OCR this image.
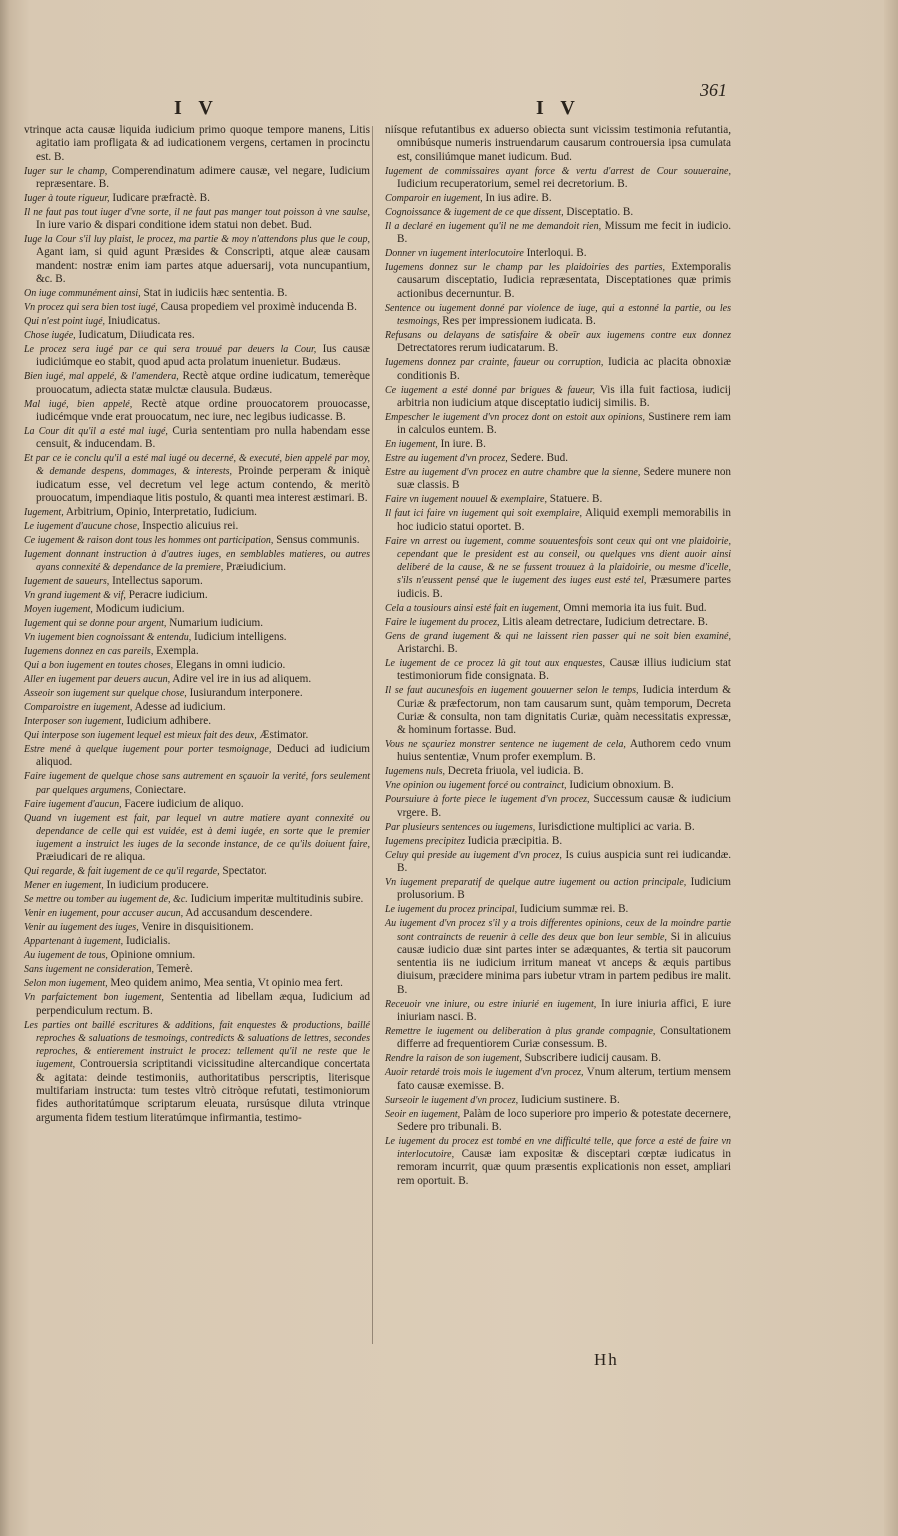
I V	I V
361
vtrinque acta causæ liquida iudicium primo quoque tempore manens, Litis agitatio iam profligata & ad iudicationem vergens, certamen in procinctu est. B.
Iuger sur le champ, Comperendinatum adimere causæ, vel negare, Iudicium repræsentare. B.
Iuger à toute rigueur, Iudicare præfractè. B.
Il ne faut pas tout iuger d'vne sorte, il ne faut pas manger tout poisson à vne saulse, In iure vario & dispari conditione idem statui non debet. Bud.
Iuge la Cour s'il luy plaist, le procez, ma partie & moy n'attendons plus que le coup, Agant iam, si quid agunt Præsides & Conscripti, atque aleæ causam mandent: nostræ enim iam partes atque aduersarij, vota nuncupantium, &c. B.
On iuge communément ainsi, Stat in iudiciis hæc sententia. B.
Vn procez qui sera bien tost iugé, Causa propediem vel proximè inducenda B.
Qui n'est point iugé, Iniudicatus.
Chose iugée, Iudicatum, Diiudicata res.
Le procez sera iugé par ce qui sera trouué par deuers la Cour, Ius causæ iudiciúmque eo stabit, quod apud acta prolatum inuenietur. Budæus.
Bien iugé, mal appelé, & l'amendera, Rectè atque ordine iudicatum, temerèque prouocatum, adiecta statæ mulctæ clausula. Budæus.
Mal iugé, bien appelé, Rectè atque ordine prouocatorem prouocasse, iudicémque vnde erat prouocatum, nec iure, nec legibus iudicasse. B.
La Cour dit qu'il a esté mal iugé, Curia sententiam pro nulla habendam esse censuit, & inducendam. B.
Et par ce ie conclu qu'il a esté mal iugé ou decerné, & executé, bien appelé par moy, & demande despens, dommages, & interests, Proinde perperam & iniquè iudicatum esse, vel decretum vel lege actum contendo, & meritò prouocatum, impendiaque litis postulo, & quanti mea interest æstimari. B.
Iugement, Arbitrium, Opinio, Interpretatio, Iudicium.
Le iugement d'aucune chose, Inspectio alicuius rei.
Ce iugement & raison dont tous les hommes ont participation, Sensus communis.
Iugement donnant instruction à d'autres iuges, en semblables matieres, ou autres ayans connexité & dependance de la premiere, Præiudicium.
Iugement de saueurs, Intellectus saporum.
Vn grand iugement & vif, Peracre iudicium.
Moyen iugement, Modicum iudicium.
Iugement qui se donne pour argent, Numarium iudicium.
Vn iugement bien cognoissant & entendu, Iudicium intelligens.
Iugemens donnez en cas pareils, Exempla.
Qui a bon iugement en toutes choses, Elegans in omni iudicio.
Aller en iugement par deuers aucun, Adire vel ire in ius ad aliquem.
Asseoir son iugement sur quelque chose, Iusiurandum interponere.
Comparoistre en iugement, Adesse ad iudicium.
Interposer son iugement, Iudicium adhibere.
Qui interpose son iugement lequel est mieux fait des deux, Æstimator.
Estre mené à quelque iugement pour porter tesmoignage, Deduci ad iudicium aliquod.
Faire iugement de quelque chose sans autrement en sçauoir la verité, fors seulement par quelques argumens, Coniectare.
Faire iugement d'aucun, Facere iudicium de aliquo.
Quand vn iugement est fait, par lequel vn autre matiere ayant connexité ou dependance de celle qui est vuidée, est à demi iugée, en sorte que le premier iugement a instruict les iuges de la seconde instance, de ce qu'ils doiuent faire, Præiudicari de re aliqua.
Qui regarde, & fait iugement de ce qu'il regarde, Spectator.
Mener en iugement, In iudicium producere.
Se mettre ou tomber au iugement de, &c. Iudicium imperitæ multitudinis subire.
Venir en iugement, pour accuser aucun, Ad accusandum descendere.
Venir au iugement des iuges, Venire in disquisitionem.
Appartenant à iugement, Iudicialis.
Au iugement de tous, Opinione omnium.
Sans iugement ne consideration, Temerè.
Selon mon iugement, Meo quidem animo, Mea sentia, Vt opinio mea fert.
Vn parfaictement bon iugement, Sententia ad libellam æqua, Iudicium ad perpendiculum rectum. B.
Les parties ont baillé escritures & additions, fait enquestes & productions, baillé reproches & saluations de tesmoings, contredicts & saluations de lettres, secondes reproches, & entierement instruict le procez: tellement qu'il ne reste que le iugement, Controuersia scriptitandi vicissitudine altercandique concertata & agitata: deinde testimoniis, authoritatibus perscriptis, literisque multifariam instructa: tum testes vltrò citròque refutati, testimoniorum fides authoritatúmque scriptarum eleuata, rursúsque diluta vtrinque argumenta fidem testium literatúmque infirmantia, testimo-
niísque refutantibus ex aduerso obiecta sunt vicissim testimonia refutantia, omnibúsque numeris instruendarum causarum controuersia ipsa cumulata est, consiliúmque manet iudicum. Bud.
Iugement de commissaires ayant force & vertu d'arrest de Cour souueraine, Iudicium recuperatorium, semel rei decretorium. B.
Comparoir en iugement, In ius adire. B.
Cognoissance & iugement de ce que dissent, Disceptatio. B.
Il a declaré en iugement qu'il ne me demandoit rien, Missum me fecit in iudicio. B.
Donner vn iugement interlocutoire Interloqui. B.
Iugemens donnez sur le champ par les plaidoiries des parties, Extemporalis causarum disceptatio, Iudicia repræsentata, Disceptationes quæ primis actionibus decernuntur. B.
Sentence ou iugement donné par violence de iuge, qui a estonné la partie, ou les tesmoings, Res per impressionem iudicata. B.
Refusans ou delayans de satisfaire & obeïr aux iugemens contre eux donnez Detrectatores rerum iudicatarum. B.
Iugemens donnez par crainte, faueur ou corruption, Iudicia ac placita obnoxiæ conditionis B.
Ce iugement a esté donné par brigues & faueur, Vis illa fuit factiosa, iudicij arbitria non iudicium atque disceptatio iudicij similis. B.
Empescher le iugement d'vn procez dont on estoit aux opinions, Sustinere rem iam in calculos euntem. B.
En iugement, In iure. B.
Estre au iugement d'vn procez, Sedere. Bud.
Estre au iugement d'vn procez en autre chambre que la sienne, Sedere munere non suæ classis. B
Faire vn iugement nouuel & exemplaire, Statuere. B.
Il faut ici faire vn iugement qui soit exemplaire, Aliquid exempli memorabilis in hoc iudicio statui oportet. B.
Faire vn arrest ou iugement, comme souuentesfois sont ceux qui ont vne plaidoirie, cependant que le president est au conseil, ou quelques vns dient auoir ainsi deliberé de la cause, & ne se fussent trouuez à la plaidoirie, ou mesme d'icelle, s'ils n'eussent pensé que le iugement des iuges eust esté tel, Præsumere partes iudicis. B.
Cela a tousiours ainsi esté fait en iugement, Omni memoria ita ius fuit. Bud.
Faire le iugement du procez, Litis aleam detrectare, Iudicium detrectare. B.
Gens de grand iugement & qui ne laissent rien passer qui ne soit bien examiné, Aristarchi. B.
Le iugement de ce procez là git tout aux enquestes, Causæ illius iudicium stat testimoniorum fide consignata. B.
Il se faut aucunesfois en iugement gouuerner selon le temps, Iudicia interdum & Curiæ & præfectorum, non tam causarum sunt, quàm temporum, Decreta Curiæ & consulta, non tam dignitatis Curiæ, quàm necessitatis expressæ, & hominum fortasse. Bud.
Vous ne sçauriez monstrer sentence ne iugement de cela, Authorem cedo vnum huius sententiæ, Vnum profer exemplum. B.
Iugemens nuls, Decreta friuola, vel iudicia. B.
Vne opinion ou iugement forcé ou contrainct, Iudicium obnoxium. B.
Poursuiure à forte piece le iugement d'vn procez, Successum causæ & iudicium vrgere. B.
Par plusieurs sentences ou iugemens, Iurisdictione multiplici ac varia. B.
Iugemens precipitez Iudicia præcipitia. B.
Celuy qui preside au iugement d'vn procez, Is cuius auspicia sunt rei iudicandæ. B.
Vn iugement preparatif de quelque autre iugement ou action principale, Iudicium prolusorium. B
Le iugement du procez principal, Iudicium summæ rei. B.
Au iugement d'vn procez s'il y a trois differentes opinions, ceux de la moindre partie sont contraincts de reuenir à celle des deux que bon leur semble, Si in alicuius causæ iudicio duæ sint partes inter se adæquantes, & tertia sit paucorum sententia iis ne iudicium irritum maneat vt anceps & æquis partibus diuisum, præcidere minima pars iubetur vtram in partem pedibus ire malit. B.
Receuoir vne iniure, ou estre iniurié en iugement, In iure iniuria affici, E iure iniuriam nasci. B.
Remettre le iugement ou deliberation à plus grande compagnie, Consultationem differre ad frequentiorem Curiæ consessum. B.
Rendre la raison de son iugement, Subscribere iudicij causam. B.
Auoir retardé trois mois le iugement d'vn procez, Vnum alterum, tertium mensem fato causæ exemisse. B.
Surseoir le iugement d'vn procez, Iudicium sustinere. B.
Seoir en iugement, Palàm de loco superiore pro imperio & potestate decernere, Sedere pro tribunali. B.
Le iugement du procez est tombé en vne difficulté telle, que force a esté de faire vn interlocutoire, Causæ iam expositæ & disceptari cœptæ iudicatus in remoram incurrit, quæ quum præsentis explicationis non esset, ampliari rem oportuit. B.
Hh
